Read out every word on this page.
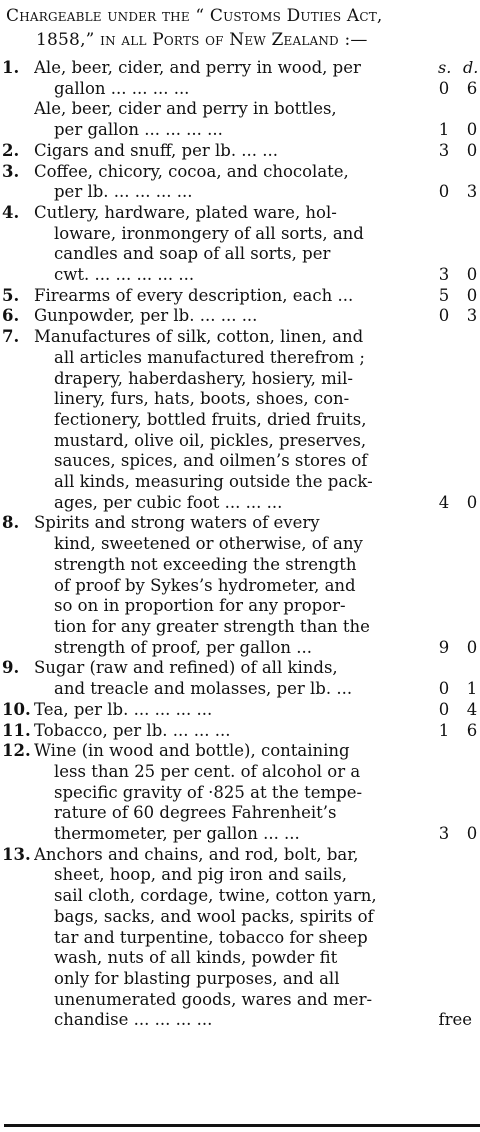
Chargeable under the “ Customs Duties Act,
1858,” in all Ports of New Zealand :—
s. d.
1. Ale, beer, cider, and perry in wood, per
gallon ... ... ... ...	0 6
Ale, beer, cider and perry in bottles,
per gallon ... ... ... ...	1 0
2. Cigars and snuff, per lb. ... ...	3 0
3. Coffee, chicory, cocoa, and chocolate,
per lb. ... ... ... ...	0 3
4. Cutlery, hardware, plated ware, hol-
loware, ironmongery of all sorts, and
candles and soap of all sorts, per
cwt. ... ... ... ... ...	3 0
5. Firearms of every description, each ...	5 0
6. Gunpowder, per lb. ... ... ...	0 3
7. Manufactures of silk, cotton, linen, and
all articles manufactured therefrom ;
drapery, haberdashery, hosiery, mil-
linery, furs, hats, boots, shoes, con-
fectionery, bottled fruits, dried fruits,
mustard, olive oil, pickles, preserves,
sauces, spices, and oilmen’s stores of
all kinds, measuring outside the pack-
ages, per cubic foot ... ... ...	4 0
8. Spirits and strong waters of every
kind, sweetened or otherwise, of any
strength not exceeding the strength
of proof by Sykes’s hydrometer, and
so on in proportion for any propor-
tion for any greater strength than the
strength of proof, per gallon ...	9 0
9. Sugar (raw and refined) of all kinds,
and treacle and molasses, per lb. ...	0 1
10. Tea, per lb. ... ... ... ...	0 4
11. Tobacco, per lb. ... ... ...	1 6
12. Wine (in wood and bottle), containing
less than 25 per cent. of alcohol or a
specific gravity of ·825 at the tempe-
rature of 60 degrees Fahrenheit’s
thermometer, per gallon ... ...	3 0
13. Anchors and chains, and rod, bolt, bar,
sheet, hoop, and pig iron and sails,
sail cloth, cordage, twine, cotton yarn,
bags, sacks, and wool packs, spirits of
tar and turpentine, tobacco for sheep
wash, nuts of all kinds, powder fit
only for blasting purposes, and all
unenumerated goods, wares and mer-
chandise ... ... ... ...	free
